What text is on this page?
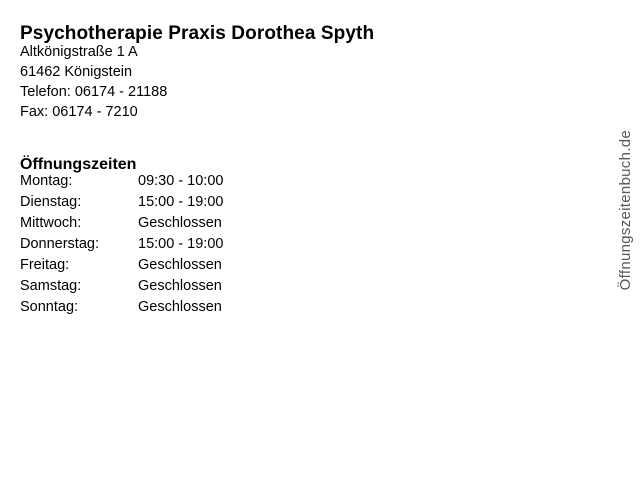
Psychotherapie Praxis Dorothea Spyth
Altkönigstraße 1 A
61462 Königstein
Telefon: 06174 - 21188
Fax: 06174 - 7210
Öffnungszeiten
Montag:	09:30 - 10:00
Dienstag:	15:00 - 19:00
Mittwoch:	Geschlossen
Donnerstag:	15:00 - 19:00
Freitag:	Geschlossen
Samstag:	Geschlossen
Sonntag:	Geschlossen
Öffnungszeitenbuch.de
